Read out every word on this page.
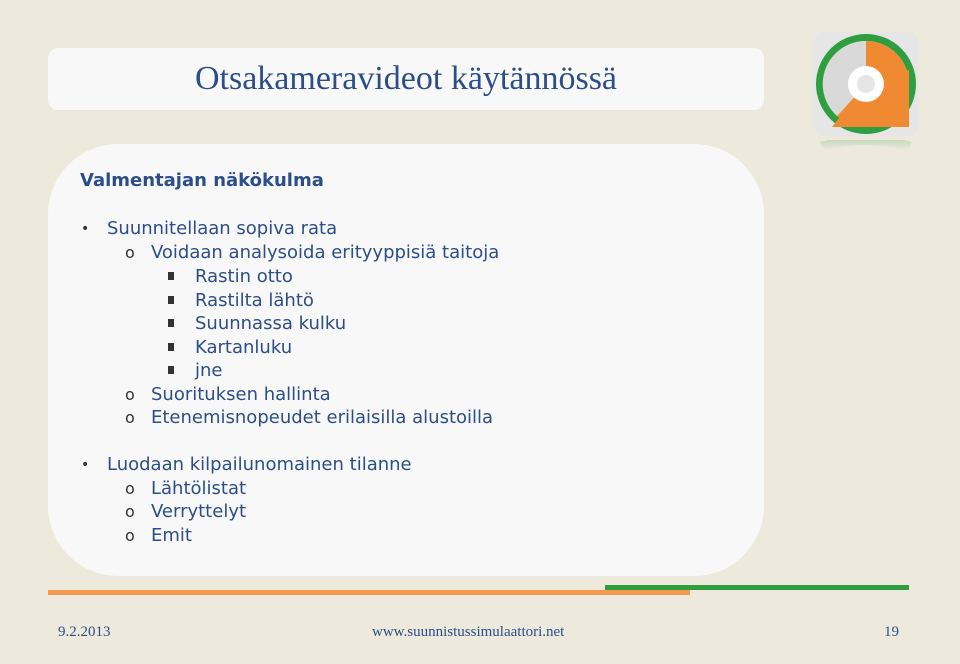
Otsakameravideot käytännössä
Valmentajan näkökulma
• Suunnitellaan sopiva rata
o Voidaan analysoida erityyppisiä taitoja
Rastin otto
Rastilta lähtö
Suunnassa kulku
Kartanluku
jne
o Suorituksen hallinta
o Etenemisnopeudet erilaisilla alustoilla
• Luodaan kilpailunomainen tilanne
o Lähtölistat
o Verryttelyt
o Emit
9.2.2013	www.suunnistussimulaattori.net	19
